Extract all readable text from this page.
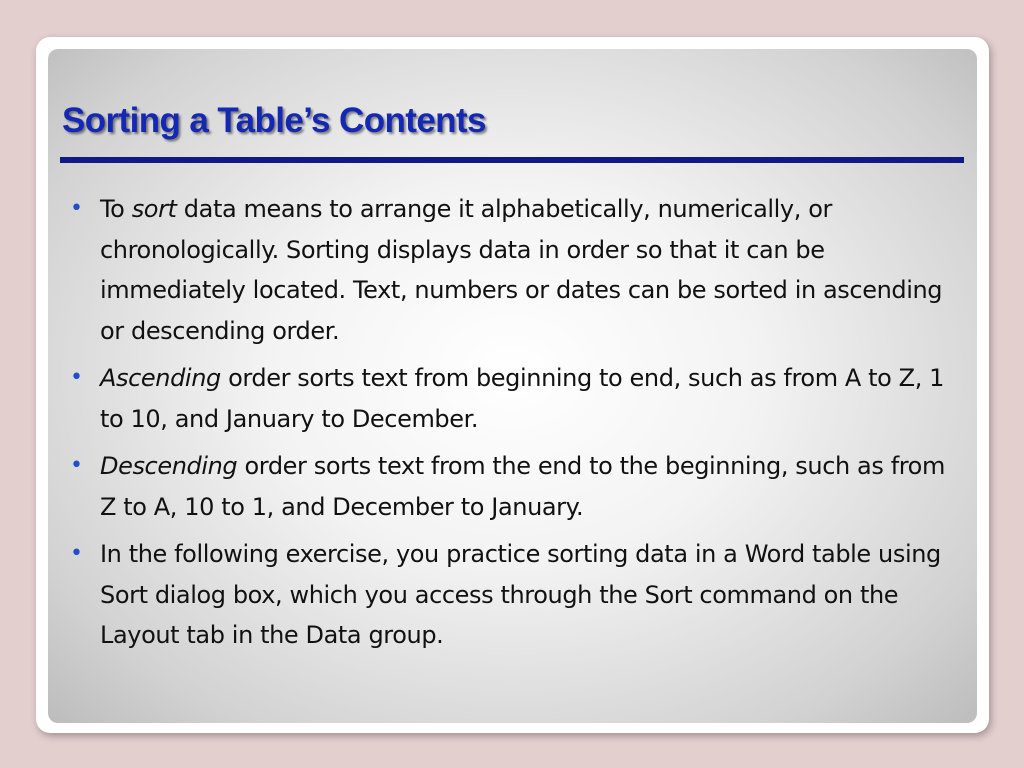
Sorting a Table’s Contents
• To sort data means to arrange it alphabetically, numerically, or chronologically. Sorting displays data in order so that it can be immediately located. Text, numbers or dates can be sorted in ascending or descending order.
• Ascending order sorts text from beginning to end, such as from A to Z, 1 to 10, and January to December.
• Descending order sorts text from the end to the beginning, such as from Z to A, 10 to 1, and December to January.
• In the following exercise, you practice sorting data in a Word table using Sort dialog box, which you access through the Sort command on the Layout tab in the Data group.
